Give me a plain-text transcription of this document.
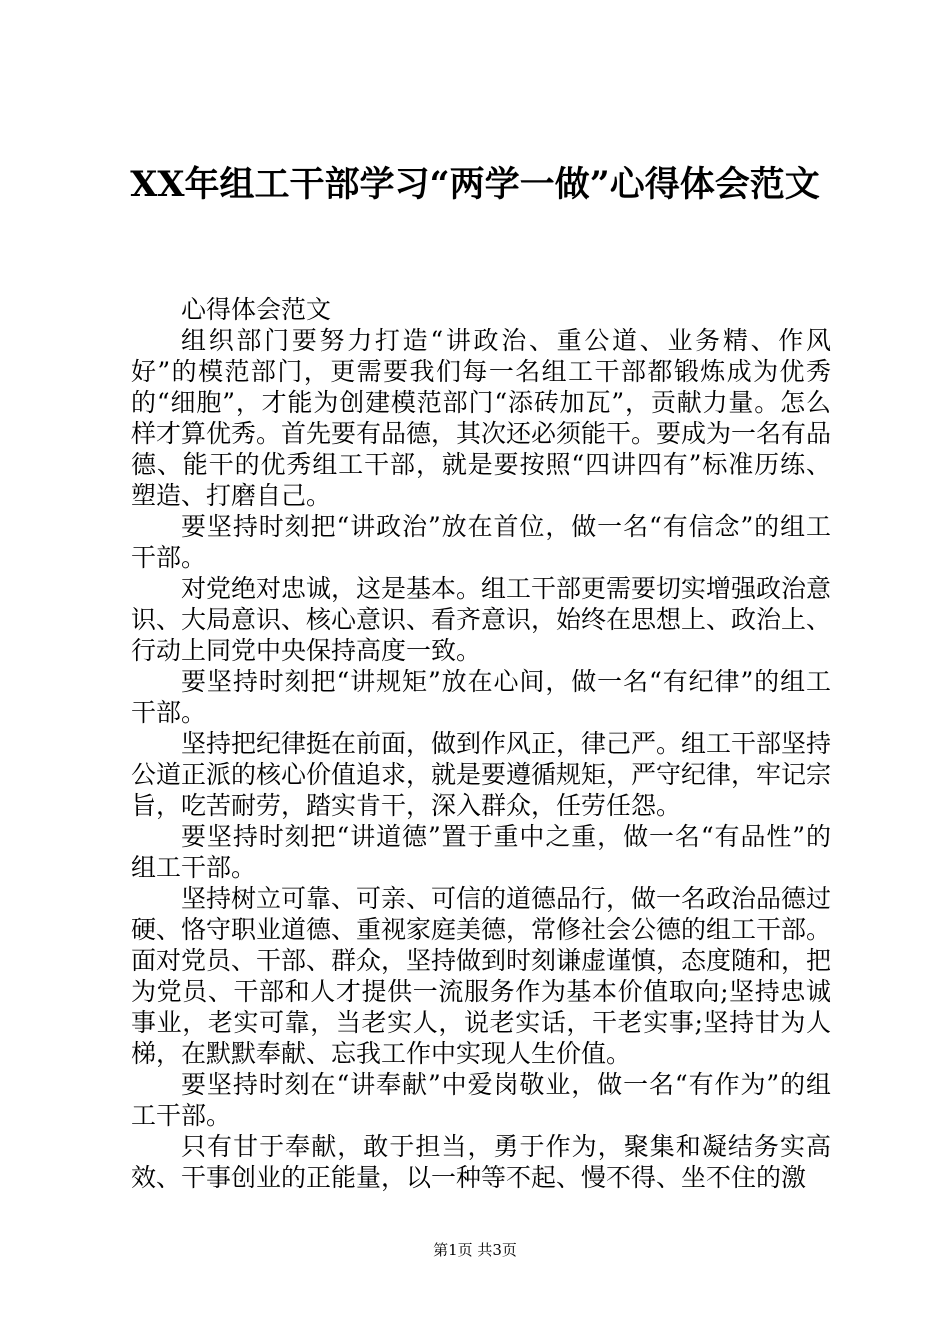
XX年组工干部学习“两学一做”心得体会范文

心得体会范文

组织部门要努力打造“讲政治、重公道、业务精、作风好”的模范部门，更需要我们每一名组工干部都锻炼成为优秀的“细胞”，才能为创建模范部门“添砖加瓦”，贡献力量。怎么样才算优秀。首先要有品德，其次还必须能干。要成为一名有品德、能干的优秀组工干部，就是要按照“四讲四有”标准历练、塑造、打磨自己。

要坚持时刻把“讲政治”放在首位，做一名“有信念”的组工干部。

对党绝对忠诚，这是基本。组工干部更需要切实增强政治意识、大局意识、核心意识、看齐意识，始终在思想上、政治上、行动上同党中央保持高度一致。

要坚持时刻把“讲规矩”放在心间，做一名“有纪律”的组工干部。

坚持把纪律挺在前面，做到作风正，律己严。组工干部坚持公道正派的核心价值追求，就是要遵循规矩，严守纪律，牢记宗旨，吃苦耐劳，踏实肯干，深入群众，任劳任怨。

要坚持时刻把“讲道德”置于重中之重，做一名“有品性”的组工干部。

坚持树立可靠、可亲、可信的道德品行，做一名政治品德过硬、恪守职业道德、重视家庭美德，常修社会公德的组工干部。面对党员、干部、群众，坚持做到时刻谦虚谨慎，态度随和，把为党员、干部和人才提供一流服务作为基本价值取向;坚持忠诚事业，老实可靠，当老实人，说老实话，干老实事;坚持甘为人梯，在默默奉献、忘我工作中实现人生价值。

要坚持时刻在“讲奉献”中爱岗敬业，做一名“有作为”的组工干部。

只有甘于奉献，敢于担当，勇于作为，聚集和凝结务实高效、干事创业的正能量，以一种等不起、慢不得、坐不住的激

第1页 共3页
